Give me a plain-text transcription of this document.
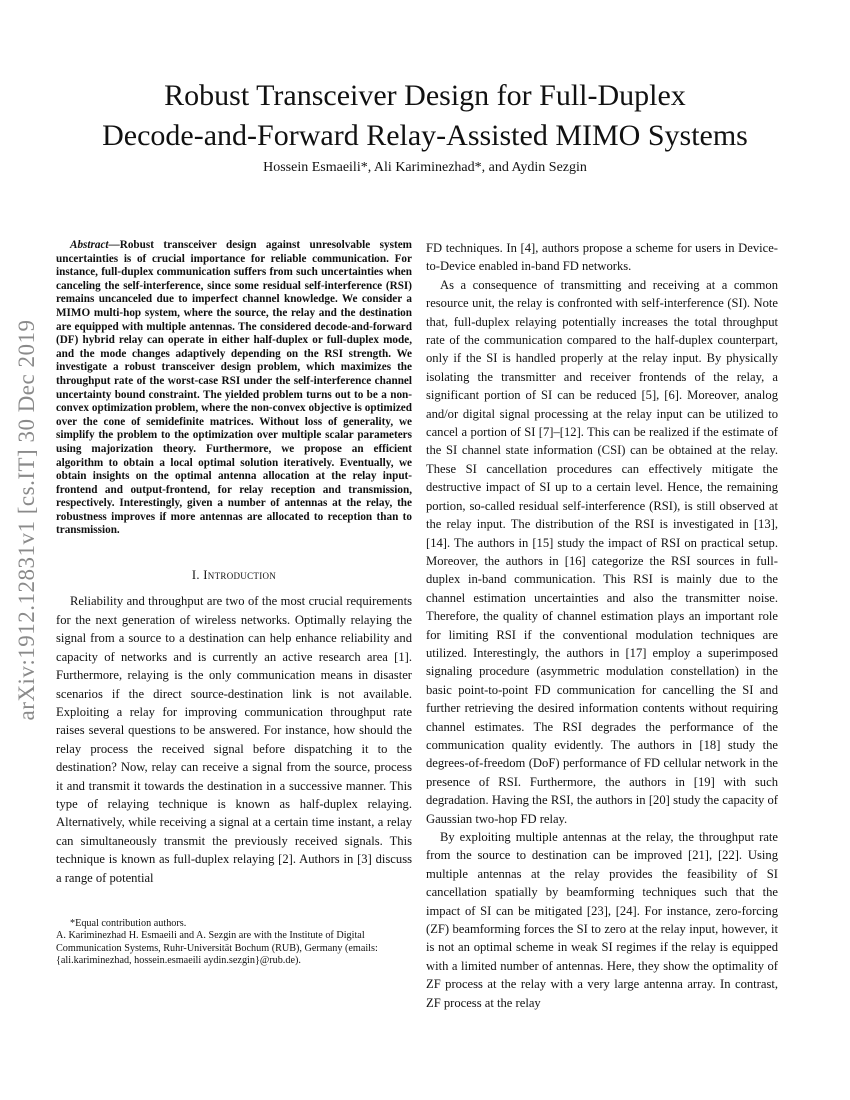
Robust Transceiver Design for Full-Duplex
Decode-and-Forward Relay-Assisted MIMO Systems
Hossein Esmaeili*, Ali Kariminezhad*, and Aydin Sezgin
arXiv:1912.12831v1 [cs.IT] 30 Dec 2019

Abstract—Robust transceiver design against unresolvable system uncertainties is of crucial importance for reliable communication. For instance, full-duplex communication suffers from such uncertainties when canceling the self-interference, since some residual self-interference (RSI) remains uncanceled due to imperfect channel knowledge. We consider a MIMO multi-hop system, where the source, the relay and the destination are equipped with multiple antennas. The considered decode-and-forward (DF) hybrid relay can operate in either half-duplex or full-duplex mode, and the mode changes adaptively depending on the RSI strength. We investigate a robust transceiver design problem, which maximizes the throughput rate of the worst-case RSI under the self-interference channel uncertainty bound constraint. The yielded problem turns out to be a non-convex optimization problem, where the non-convex objective is optimized over the cone of semidefinite matrices. Without loss of generality, we simplify the problem to the optimization over multiple scalar parameters using majorization theory. Furthermore, we propose an efficient algorithm to obtain a local optimal solution iteratively. Eventually, we obtain insights on the optimal antenna allocation at the relay input-frontend and output-frontend, for relay reception and transmission, respectively. Interestingly, given a number of antennas at the relay, the robustness improves if more antennas are allocated to reception than to transmission.

I. Introduction

Reliability and throughput are two of the most crucial requirements for the next generation of wireless networks. Optimally relaying the signal from a source to a destination can help enhance reliability and capacity of networks and is currently an active research area [1]. Furthermore, relaying is the only communication means in disaster scenarios if the direct source-destination link is not available. Exploiting a relay for improving communication throughput rate raises several questions to be answered. For instance, how should the relay process the received signal before dispatching it to the destination? Now, relay can receive a signal from the source, process it and transmit it towards the destination in a successive manner. This type of relaying technique is known as half-duplex relaying. Alternatively, while receiving a signal at a certain time instant, a relay can simultaneously transmit the previously received signals. This technique is known as full-duplex relaying [2]. Authors in [3] discuss a range of potential

*Equal contribution authors.

A. Kariminezhad H. Esmaeili and A. Sezgin are with the Institute of Digital Communication Systems, Ruhr-Universität Bochum (RUB), Germany (emails: {ali.kariminezhad, hossein.esmaeili aydin.sezgin}@rub.de).

FD techniques. In [4], authors propose a scheme for users in Device-to-Device enabled in-band FD networks.

As a consequence of transmitting and receiving at a common resource unit, the relay is confronted with self-interference (SI). Note that, full-duplex relaying potentially increases the total throughput rate of the communication compared to the half-duplex counterpart, only if the SI is handled properly at the relay input. By physically isolating the transmitter and receiver frontends of the relay, a significant portion of SI can be reduced [5], [6]. Moreover, analog and/or digital signal processing at the relay input can be utilized to cancel a portion of SI [7]–[12]. This can be realized if the estimate of the SI channel state information (CSI) can be obtained at the relay. These SI cancellation procedures can effectively mitigate the destructive impact of SI up to a certain level. Hence, the remaining portion, so-called residual self-interference (RSI), is still observed at the relay input. The distribution of the RSI is investigated in [13], [14]. The authors in [15] study the impact of RSI on practical setup. Moreover, the authors in [16] categorize the RSI sources in full-duplex in-band communication. This RSI is mainly due to the channel estimation uncertainties and also the transmitter noise. Therefore, the quality of channel estimation plays an important role for limiting RSI if the conventional modulation techniques are utilized. Interestingly, the authors in [17] employ a superimposed signaling procedure (asymmetric modulation constellation) in the basic point-to-point FD communication for cancelling the SI and further retrieving the desired information contents without requiring channel estimates. The RSI degrades the performance of the communication quality evidently. The authors in [18] study the degrees-of-freedom (DoF) performance of FD cellular network in the presence of RSI. Furthermore, the authors in [19] with such degradation. Having the RSI, the authors in [20] study the capacity of Gaussian two-hop FD relay.

By exploiting multiple antennas at the relay, the throughput rate from the source to destination can be improved [21], [22]. Using multiple antennas at the relay provides the feasibility of SI cancellation spatially by beamforming techniques such that the impact of SI can be mitigated [23], [24]. For instance, zero-forcing (ZF) beamforming forces the SI to zero at the relay input, however, it is not an optimal scheme in weak SI regimes if the relay is equipped with a limited number of antennas. Here, they show the optimality of ZF process at the relay with a very large antenna array. In contrast, ZF process at the relay
